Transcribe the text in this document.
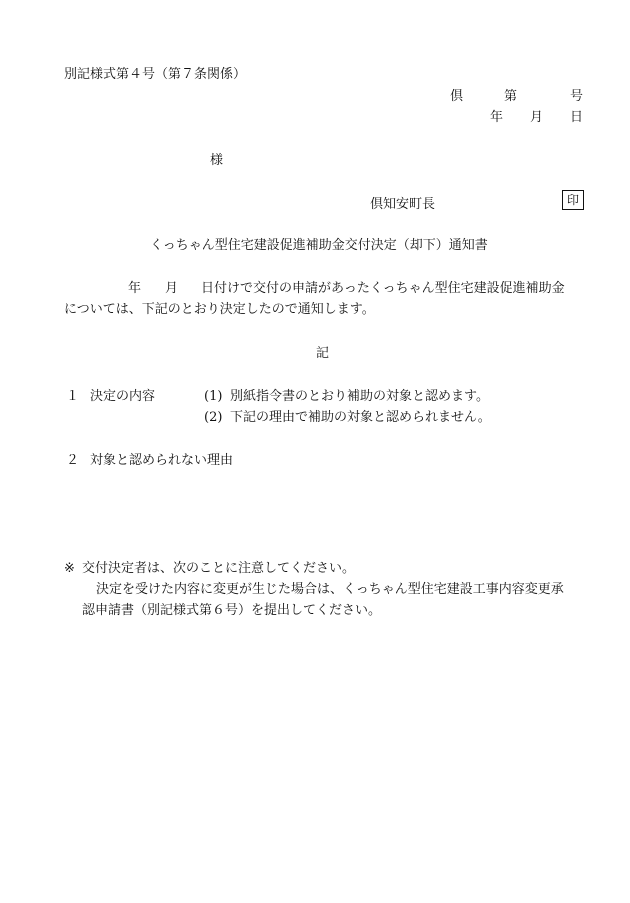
別記様式第４号（第７条関係）
倶	第	号
年 月 日
様
倶知安町長	印
くっちゃん型住宅建設促進補助金交付決定（却下）通知書
年 月 日付けで交付の申請があったくっちゃん型住宅建設促進補助金
については、下記のとおり決定したので通知します。
記
１ 決定の内容	(1) 別紙指令書のとおり補助の対象と認めます。
(2) 下記の理由で補助の対象と認められません。
２ 対象と認められない理由
※ 交付決定者は、次のことに注意してください。
決定を受けた内容に変更が生じた場合は、くっちゃん型住宅建設工事内容変更承
認申請書（別記様式第６号）を提出してください。
